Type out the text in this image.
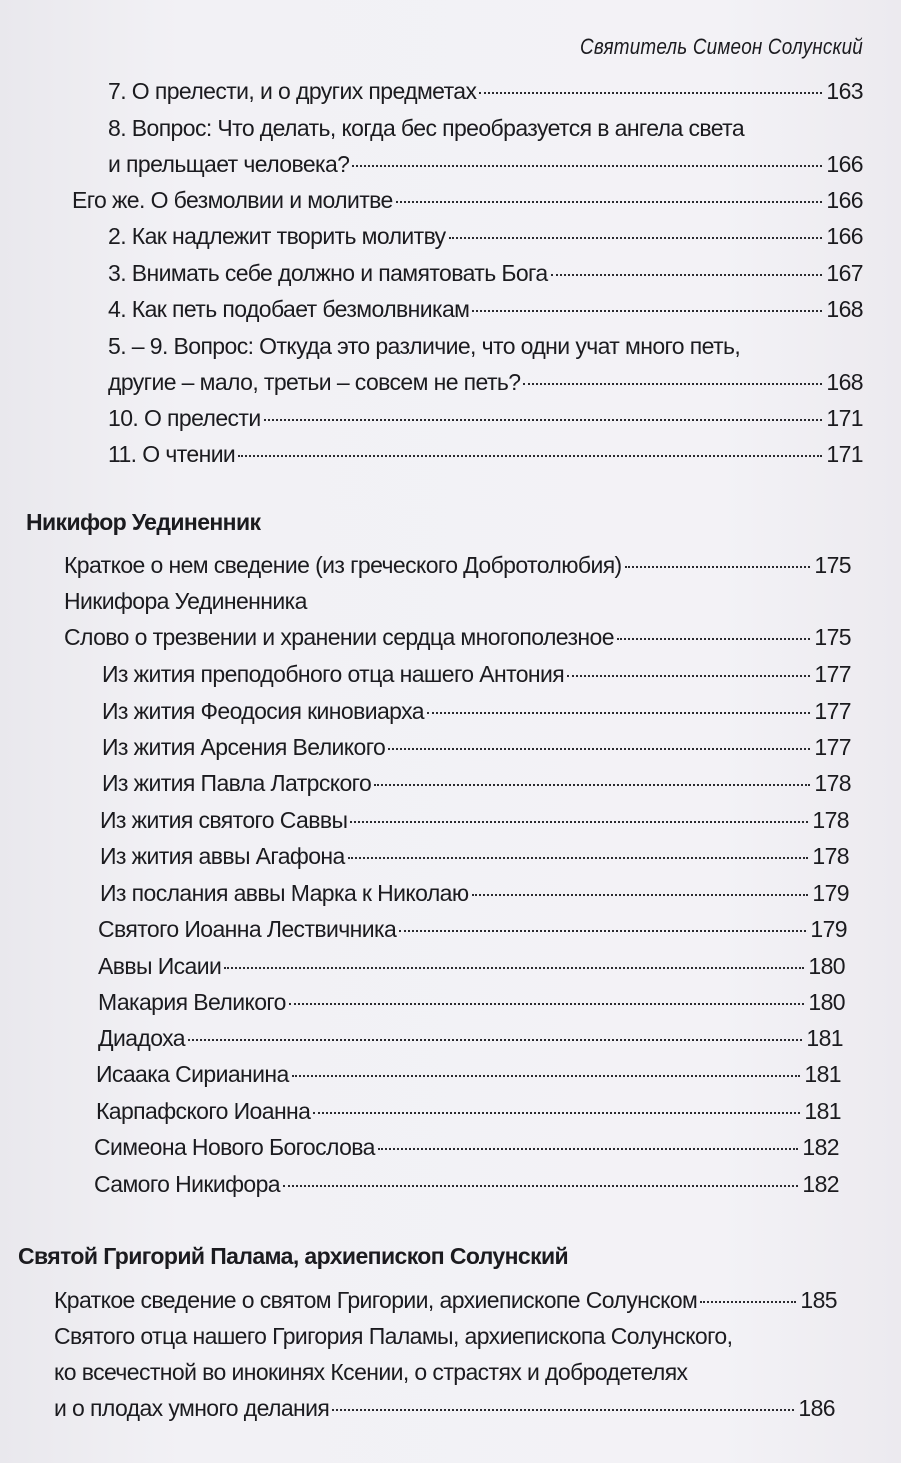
Святитель Симеон Солунский
7. О прелести, и о других предметах	163
8. Вопрос: Что делать, когда бес преобразуется в ангела света
и прельщает человека?	166
Его же. О безмолвии и молитве	166
2. Как надлежит творить молитву	166
3. Внимать себе должно и памятовать Бога	167
4. Как петь подобает безмолвникам	168
5. – 9. Вопрос: Откуда это различие, что одни учат много петь,
другие – мало, третьи – совсем не петь?	168
10. О прелести	171
11. О чтении	171
Никифор Уединенник
Краткое о нем сведение (из греческого Добротолюбия)	175
Никифора Уединенника
Слово о трезвении и хранении сердца многополезное	175
Из жития преподобного отца нашего Антония	177
Из жития Феодосия киновиарха	177
Из жития Арсения Великого	177
Из жития Павла Латрского	178
Из жития святого Саввы	178
Из жития аввы Агафона	178
Из послания аввы Марка к Николаю	179
Святого Иоанна Лествичника	179
Аввы Исаии	180
Макария Великого	180
Диадоха	181
Исаака Сирианина	181
Карпафского Иоанна	181
Симеона Нового Богослова	182
Самого Никифора	182
Святой Григорий Палама, архиепископ Солунский
Краткое сведение о святом Григории, архиепископе Солунском	185
Святого отца нашего Григория Паламы, архиепископа Солунского,
ко всечестной во инокинях Ксении, о страстях и добродетелях
и о плодах умного делания	186
